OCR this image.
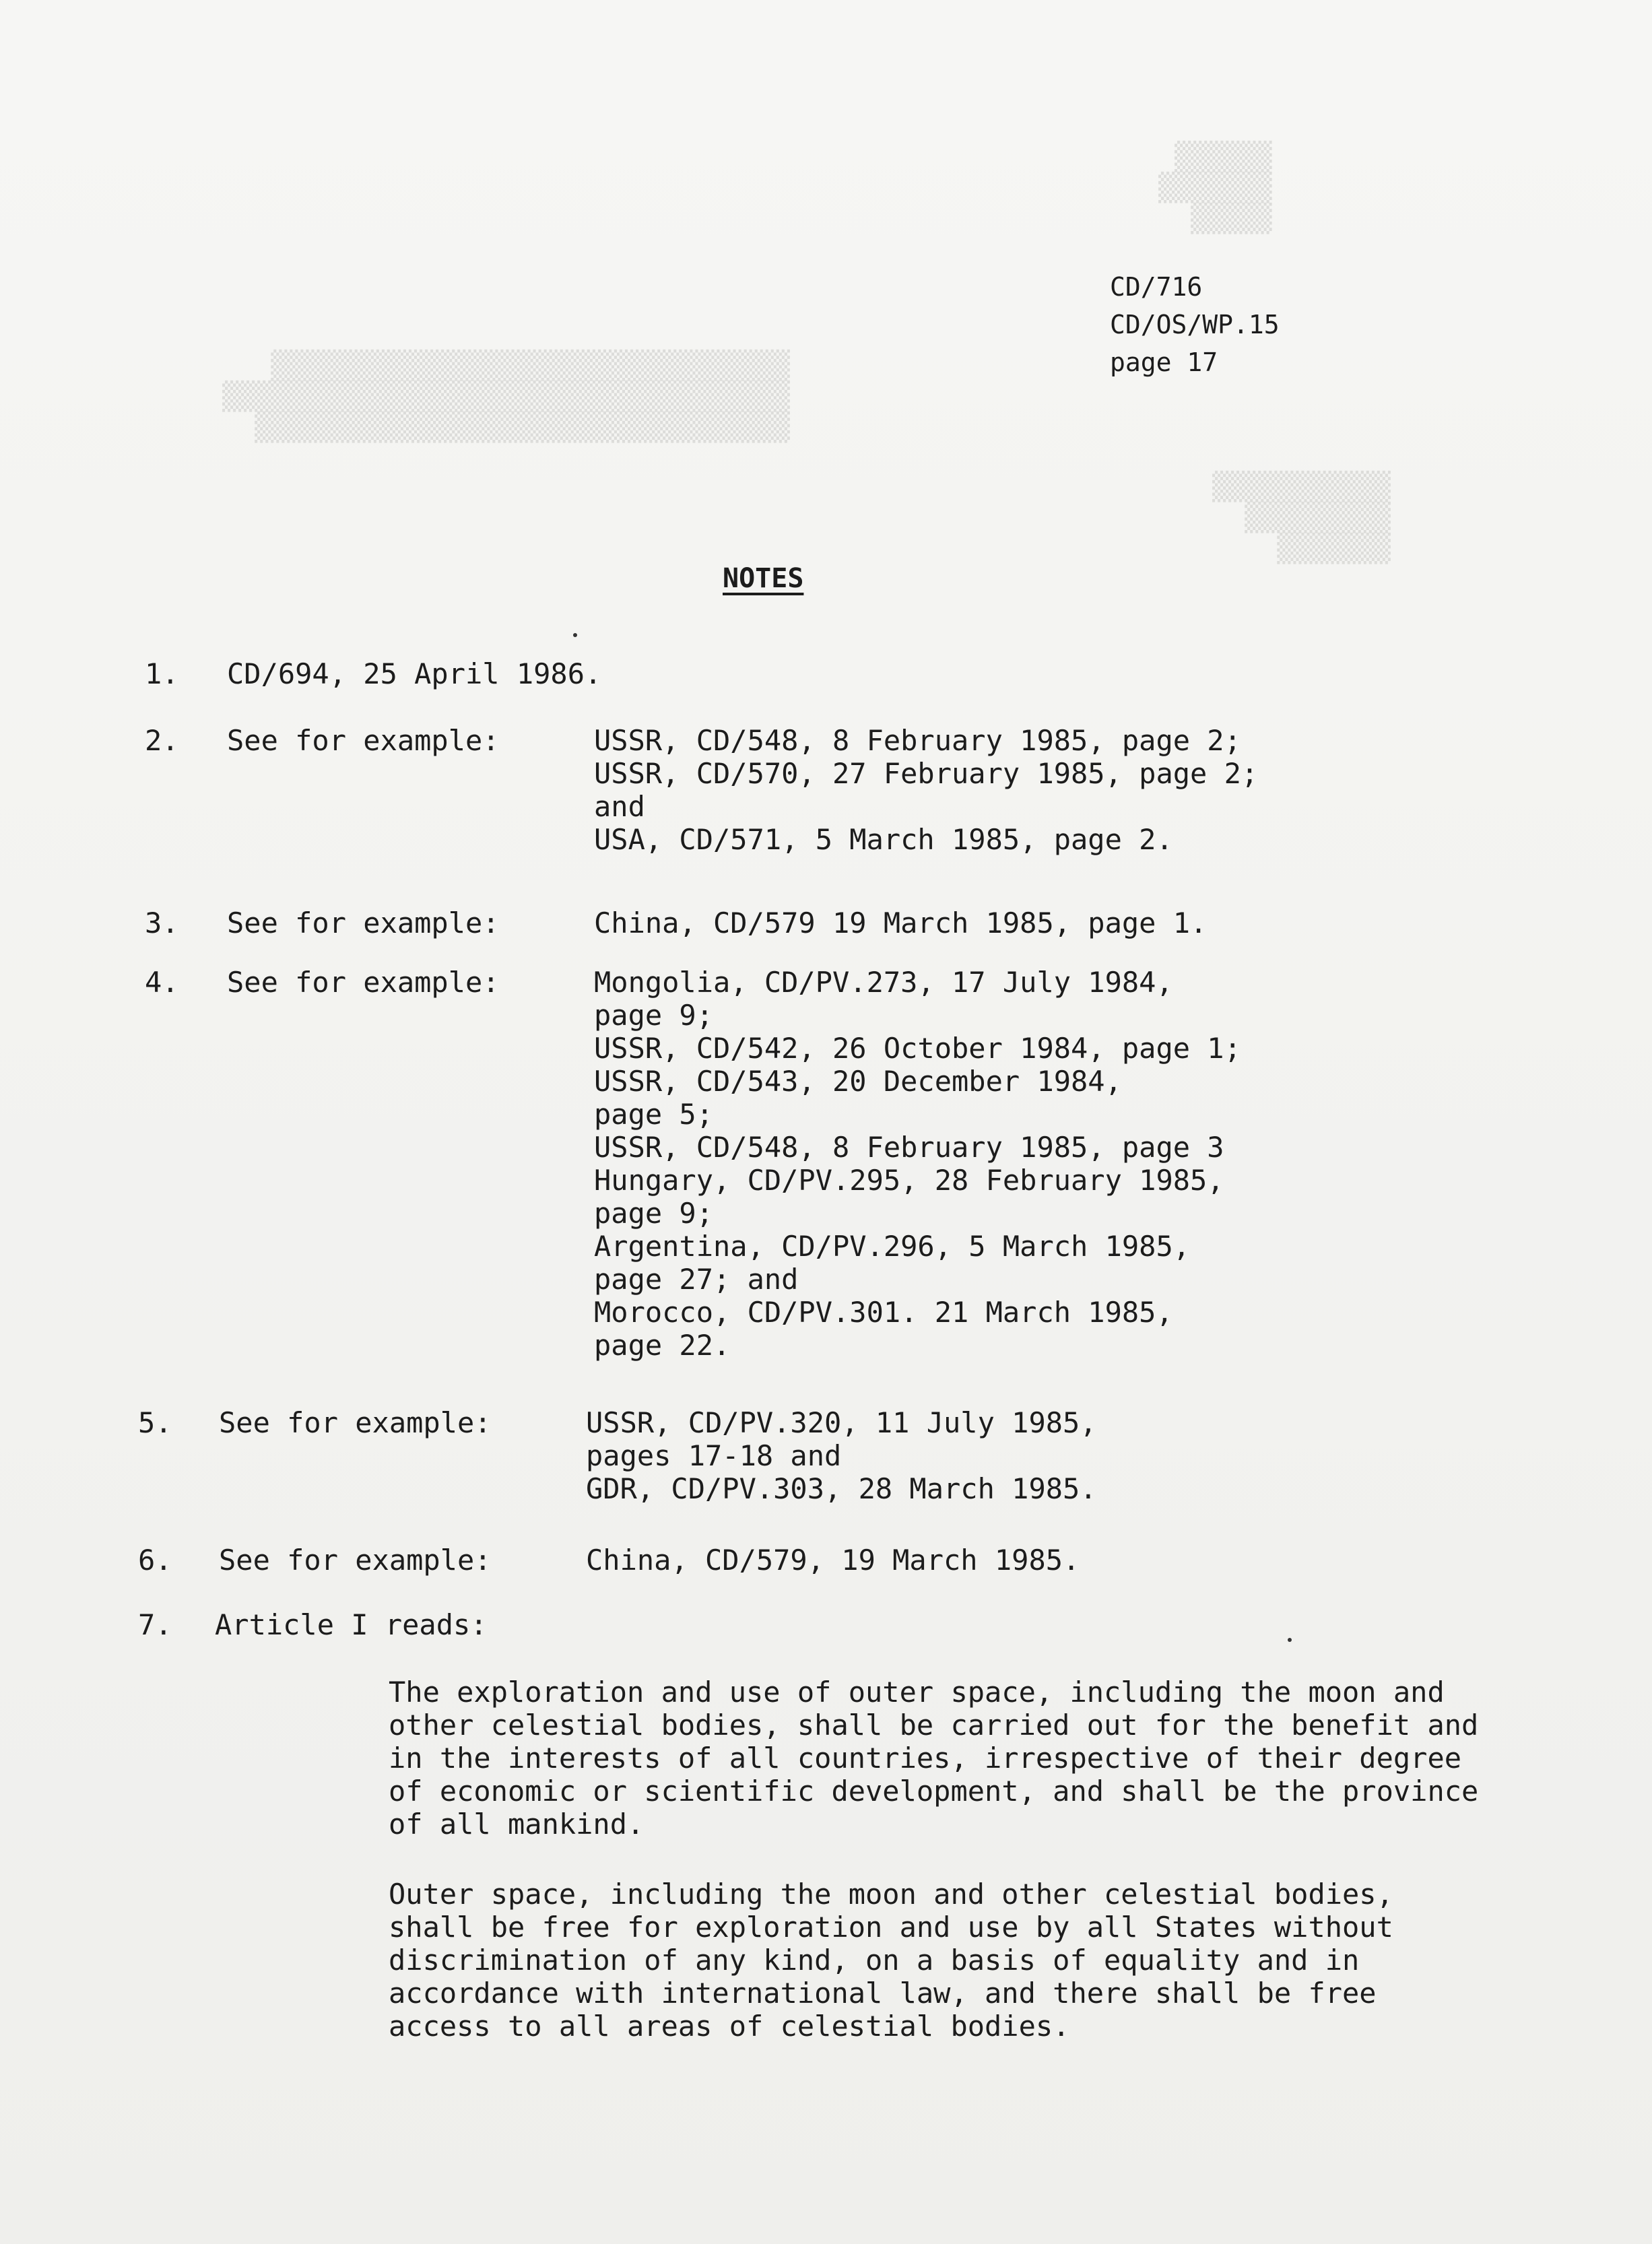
▒▒▒▒▒▒
▒▒▒▒▒▒▒
▒▒▒▒▒
▒▒▒▒▒▒▒▒▒▒▒▒▒▒▒▒▒▒▒▒▒▒▒▒▒▒▒▒▒▒▒▒
▒▒▒▒▒▒▒▒▒▒▒▒▒▒▒▒▒▒▒▒▒▒▒▒▒▒▒▒▒▒▒▒▒▒▒
▒▒▒▒▒▒▒▒▒▒▒▒▒▒▒▒▒▒▒▒▒▒▒▒▒▒▒▒▒▒▒▒▒
▒▒▒▒▒▒▒▒▒▒▒
▒▒▒▒▒▒▒▒▒
▒▒▒▒▒▒▒
CD/716
CD/OS/WP.15
page 17
NOTES
1. CD/694, 25 April 1986.
2. See for example:	USSR, CD/548, 8 February 1985, page 2;
USSR, CD/570, 27 February 1985, page 2;
and
USA, CD/571, 5 March 1985, page 2.
3. See for example:	China, CD/579 19 March 1985, page 1.
4. See for example:	Mongolia, CD/PV.273, 17 July 1984,
page 9;
USSR, CD/542, 26 October 1984, page 1;
USSR, CD/543, 20 December 1984,
page 5;
USSR, CD/548, 8 February 1985, page 3
Hungary, CD/PV.295, 28 February 1985,
page 9;
Argentina, CD/PV.296, 5 March 1985,
page 27; and
Morocco, CD/PV.301. 21 March 1985,
page 22.
5. See for example:	USSR, CD/PV.320, 11 July 1985,
pages 17-18 and
GDR, CD/PV.303, 28 March 1985.
6. See for example:	China, CD/579, 19 March 1985.
7. Article I reads:
The exploration and use of outer space, including the moon and other celestial bodies, shall be carried out for the benefit and in the interests of all countries, irrespective of their degree of economic or scientific development, and shall be the province of all mankind.
Outer space, including the moon and other celestial bodies, shall be free for exploration and use by all States without discrimination of any kind, on a basis of equality and in accordance with international law, and there shall be free access to all areas of celestial bodies.
